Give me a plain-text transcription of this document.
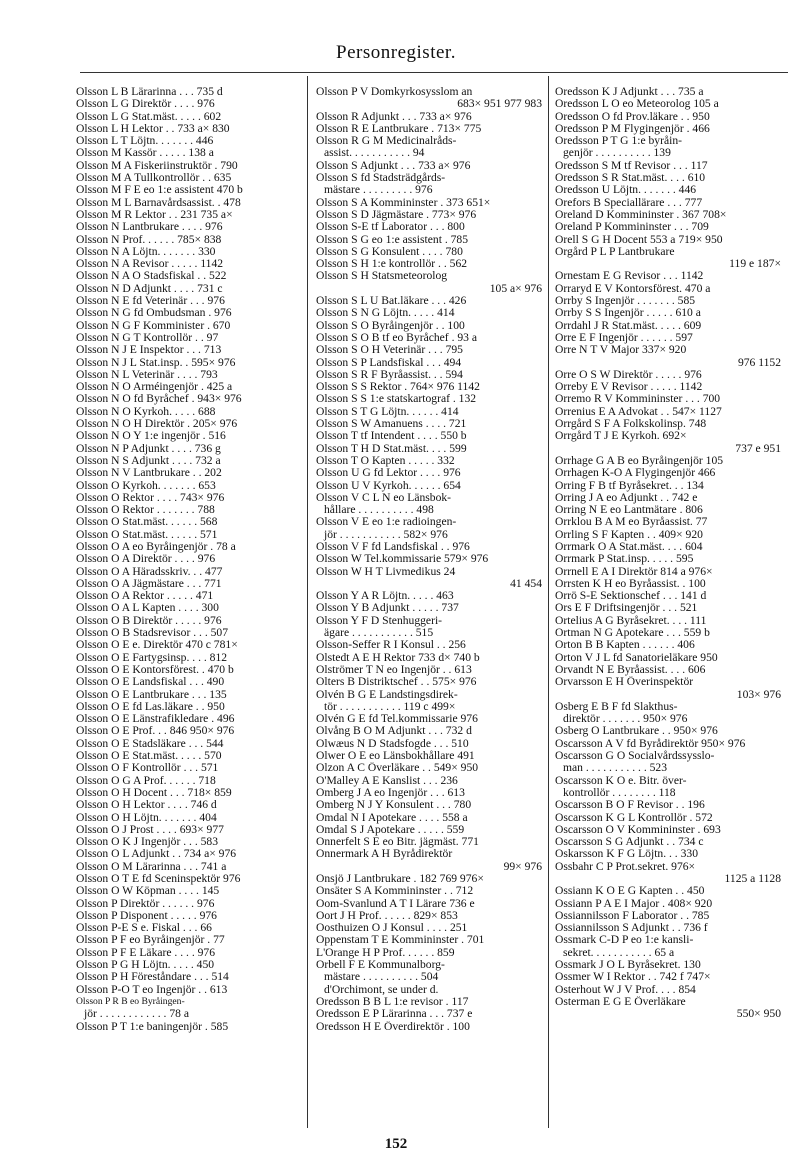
Personregister.
Olsson L B Lärarinna . . . 735 d
Olsson L G Direktör . . . . 976
Olsson L G Stat.mäst. . . . . 602
Olsson L H Lektor . . 733 a× 830
Olsson L T Löjtn. . . . . . . 446
Olsson M Kassör . . . . . 138 a
Olsson M A Fiskeriinstruktör . 790
Olsson M A Tullkontrollör . . 635
Olsson M F E eo 1:e assistent 470 b
Olsson M L Barnavårdsassist. . 478
Olsson M R Lektor . . 231 735 a×
Olsson N Lantbrukare . . . . 976
Olsson N Prof. . . . . . 785× 838
Olsson N A Löjtn. . . . . . . 330
Olsson N A Revisor . . . . . 1142
Olsson N A O Stadsfiskal . . 522
Olsson N D Adjunkt . . . . 731 c
Olsson N E fd Veterinär . . . 976
Olsson N G fd Ombudsman . 976
Olsson N G F Komminister . 670
Olsson N G T Kontrollör . . 97
Olsson N J E Inspektor . . . 713
Olsson N J L Stat.insp. . 595× 976
Olsson N L Veterinär . . . . 793
Olsson N O Arméingenjör . 425 a
Olsson N O fd Byråchef . 943× 976
Olsson N O Kyrkoh. . . . . 688
Olsson N O H Direktör . 205× 976
Olsson N O Y 1:e ingenjör . 516
Olsson N P Adjunkt . . . . 736 g
Olsson N S Adjunkt . . . . 732 a
Olsson N V Lantbrukare . . 202
Olsson O Kyrkoh. . . . . . . 653
Olsson O Rektor . . . . 743× 976
Olsson O Rektor . . . . . . . 788
Olsson O Stat.mäst. . . . . . 568
Olsson O Stat.mäst. . . . . . 571
Olsson O A eo Byråingenjör . 78 a
Olsson O A Direktör . . . . 976
Olsson O A Häradsskriv. . . 477
Olsson O A Jägmästare . . . 771
Olsson O A Rektor . . . . . 471
Olsson O A L Kapten . . . . 300
Olsson O B Direktör . . . . . 976
Olsson O B Stadsrevisor . . . 507
Olsson O E e. Direktör 470 c 781×
Olsson O E Fartygsinsp. . . . 812
Olsson O E Kontorsförest. . 470 b
Olsson O E Landsfiskal . . . 490
Olsson O E Lantbrukare . . . 135
Olsson O E fd Las.läkare . . 950
Olsson O E Länstrafikledare . 496
Olsson O E Prof. . . 846 950× 976
Olsson O E Stadsläkare . . . 544
Olsson O E Stat.mäst. . . . . 570
Olsson O F Kontrollör . . . 571
Olsson O G A Prof. . . . . . 718
Olsson O H Docent . . . 718× 859
Olsson O H Lektor . . . . 746 d
Olsson O H Löjtn. . . . . . . 404
Olsson O J Prost . . . . 693× 977
Olsson O K J Ingenjör . . . 583
Olsson O L Adjunkt . . 734 a× 976
Olsson O M Lärarinna . . . 741 a
Olsson O T E fd Sceninspektör 976
Olsson O W Köpman . . . . 145
Olsson P Direktör . . . . . . 976
Olsson P Disponent . . . . . 976
Olsson P-E S e. Fiskal . . . 66
Olsson P F eo Byråingenjör . 77
Olsson P F E Läkare . . . . 976
Olsson P G H Löjtn. . . . . 450
Olsson P H Föreståndare . . . 514
Olsson P-O T eo Ingenjör . . 613
Olsson P R B eo Byråingen-
jör . . . . . . . . . . . . 78 a
Olsson P T 1:e baningenjör . 585
Olsson P V Domkyrkosysslom an
683× 951 977 983
Olsson R Adjunkt . . . 733 a× 976
Olsson R E Lantbrukare . 713× 775
Olsson R G M Medicinalråds-
assist. . . . . . . . . . . 94
Olsson S Adjunkt . . . 733 a× 976
Olsson S fd Stadsträdgårds-
mästare . . . . . . . . . 976
Olsson S A Kommininster . 373 651×
Olsson S D Jägmästare . 773× 976
Olsson S-E tf Laborator . . . 800
Olsson S G eo 1:e assistent . 785
Olsson S G Konsulent . . . . 780
Olsson S H 1:e kontrollör . . 562
Olsson S H Statsmeteorolog
105 a× 976
Olsson S L U Bat.läkare . . . 426
Olsson S N G Löjtn. . . . . 414
Olsson S O Byråingenjör . . 100
Olsson S O B tf eo Byråchef . 93 a
Olsson S O H Veterinär . . . 795
Olsson S P Landsfiskal . . . 494
Olsson S R F Byråassist. . . 594
Olsson S S Rektor . 764× 976 1142
Olsson S S 1:e statskartograf . 132
Olsson S T G Löjtn. . . . . . 414
Olsson S W Amanuens . . . . 721
Olsson T tf Intendent . . . . 550 b
Olsson T H D Stat.mäst. . . . 599
Olsson T O Kapten . . . . . 332
Olsson U G fd Lektor . . . . 976
Olsson U V Kyrkoh. . . . . . 654
Olsson V C L N eo Länsbok-
hållare . . . . . . . . . . 498
Olsson V E eo 1:e radioingen-
jör . . . . . . . . . . . 582× 976
Olsson V F fd Landsfiskal . . 976
Olsson W Tel.kommissarie 579× 976
Olsson W H T Livmedikus 24
41 454
Olsson Y A R Löjtn. . . . . 463
Olsson Y B Adjunkt . . . . . 737
Olsson Y F D Stenhuggeri-
ägare . . . . . . . . . . . 515
Olsson-Seffer R I Konsul . . 256
Olstedt A E H Rektor 733 d× 740 b
Olströmer T N eo Ingenjör . . 613
Olters B Distriktschef . . 575× 976
Olvén B G E Landstingsdirek-
tör . . . . . . . . . . . 119 c 499×
Olvén G E fd Tel.kommissarie 976
Olvång B O M Adjunkt . . . 732 d
Olwæus N D Stadsfogde . . . 510
Olwer O E eo Länsbokhållare 491
Olzon A C Överläkare . . 549× 950
O'Malley A E Kanslist . . . 236
Omberg J A eo Ingenjör . . . 613
Omberg N J Y Konsulent . . . 780
Omdal N I Apotekare . . . . 558 a
Omdal S J Apotekare . . . . . 559
Onnerfelt S E eo Bitr. jägmäst. 771
Onnermark A H Byrådirektör
99× 976
Onsjö J Lantbrukare . 182 769 976×
Onsäter S A Kommininster . . 712
Oom-Svanlund A T I Lärare 736 e
Oort J H Prof. . . . . . 829× 853
Oosthuizen O J Konsul . . . . 251
Oppenstam T E Kommininster . 701
L'Orange H P Prof. . . . . . 859
Orbell F E Kommunalborg-
mästare . . . . . . . . . . 504
d'Orchimont, se under d.
Oredsson B B L 1:e revisor . 117
Oredsson E P Lärarinna . . . 737 e
Oredsson H E Överdirektör . 100
Oredsson K J Adjunkt . . . 735 a
Oredsson L O eo Meteorolog 105 a
Oredsson O fd Prov.läkare . . 950
Oredsson P M Flygingenjör . 466
Oredsson P T G 1:e byråin-
genjör . . . . . . . . . . 139
Oredsson S M tf Revisor . . . 117
Oredsson S R Stat.mäst. . . . 610
Oredsson U Löjtn. . . . . . . 446
Orefors B Speciallärare . . . 777
Oreland D Kommininster . 367 708×
Oreland P Kommininster . . . 709
Orell S G H Docent 553 a 719× 950
Orgård P L P Lantbrukare
119 e 187×
Ornestam E G Revisor . . . 1142
Orraryd E V Kontorsförest. 470 a
Orrby S Ingenjör . . . . . . . 585
Orrby S S Ingenjör . . . . . 610 a
Orrdahl J R Stat.mäst. . . . . 609
Orre E F Ingenjör . . . . . . 597
Orre N T V Major 337× 920
976 1152
Orre O S W Direktör . . . . . 976
Orreby E V Revisor . . . . . 1142
Orremo R V Kommininster . . . 700
Orrenius E A Advokat . . 547× 1127
Orrgård S F A Folkskolinsp. 748
Orrgård T J E Kyrkoh. 692×
737 e 951
Orrhage G A B eo Byråingenjör 105
Orrhagen K-O A Flygingenjör 466
Orring F B tf Byråsekret. . . 134
Orring J A eo Adjunkt . . 742 e
Orring N E eo Lantmätare . 806
Orrklou B A M eo Byråassist. 77
Orrling S F Kapten . . 409× 920
Orrmark O A Stat.mäst. . . . 604
Orrmark P Stat.insp. . . . . 595
Orrnell E A I Direktör 814 a 976×
Orrsten K H eo Byråassist. . 100
Orrö S-E Sektionschef . . . 141 d
Ors E F Driftsingenjör . . . 521
Ortelius A G Byråsekret. . . . 111
Ortman N G Apotekare . . . 559 b
Orton B B Kapten . . . . . . 406
Orton V J L fd Sanatorieläkare 950
Orvandt N E Byråassist. . . . 606
Orvarsson E H Överinspektör
103× 976
Osberg E B F fd Slakthus-
direktör . . . . . . . 950× 976
Osberg O Lantbrukare . . 950× 976
Oscarsson A V fd Byrådirektör 950× 976
Oscarsson G O Socialvårdssysslo-
man . . . . . . . . . . . 523
Oscarsson K O e. Bitr. över-
kontrollör . . . . . . . . 118
Oscarsson B O F Revisor . . 196
Oscarsson K G L Kontrollör . 572
Oscarsson O V Kommininster . 693
Oscarsson S G Adjunkt . . 734 c
Oskarsson K F G Löjtn. . . 330
Ossbahr C P Prot.sekret. 976×
1125 a 1128
Ossiann K O E G Kapten . . 450
Ossiann P A E I Major . 408× 920
Ossiannilsson F Laborator . . 785
Ossiannilsson S Adjunkt . . 736 f
Ossmark C-D P eo 1:e kansli-
sekret. . . . . . . . . . . 65 a
Ossmark J O L Byråsekret. 130
Ossmer W I Rektor . . 742 f 747×
Osterhout W J V Prof. . . . 854
Osterman E G E Överläkare
550× 950
152
